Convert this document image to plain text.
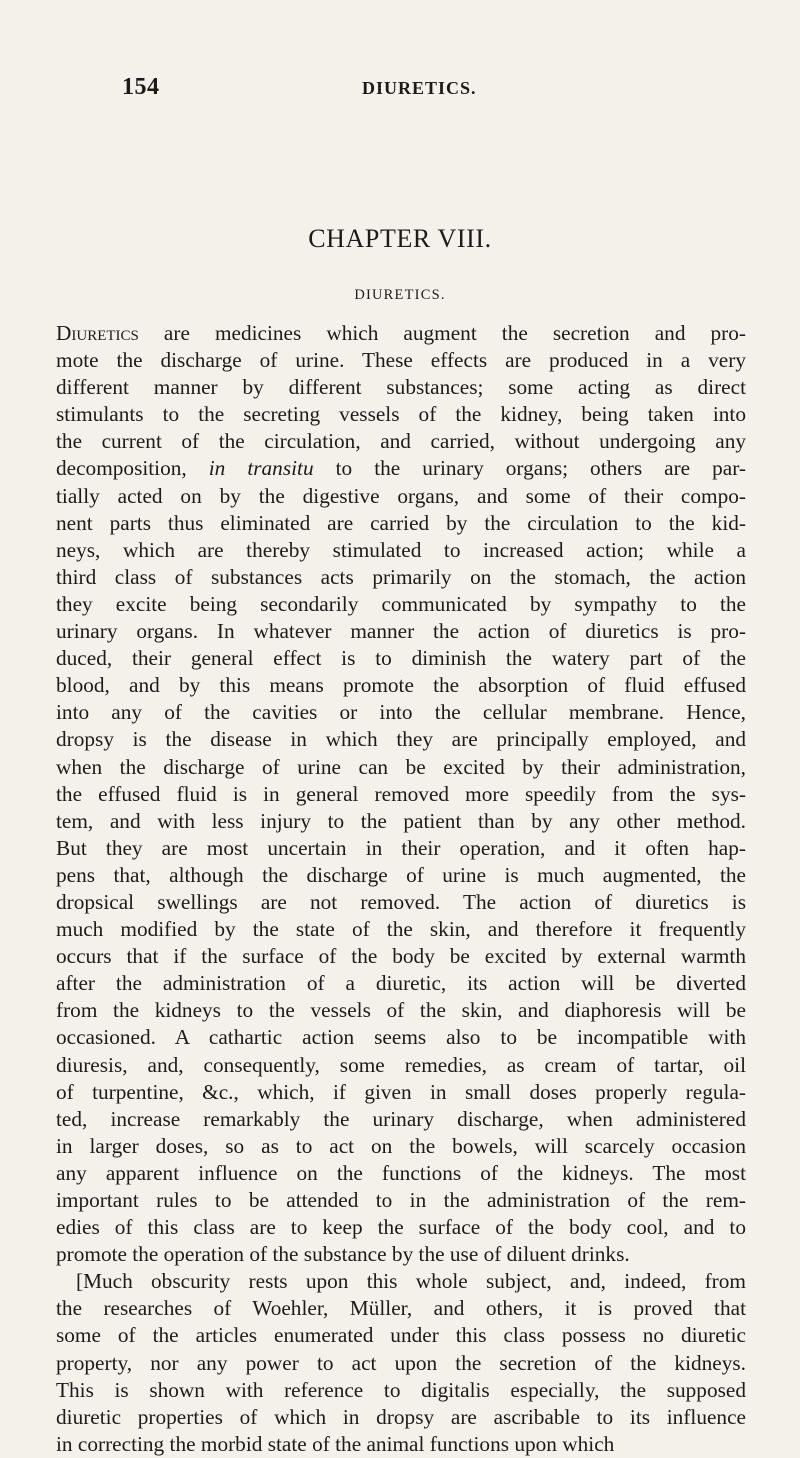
154	DIURETICS.
CHAPTER VIII.
DIURETICS.
Diuretics are medicines which augment the secretion and pro-
mote the discharge of urine. These effects are produced in a very
different manner by different substances; some acting as direct
stimulants to the secreting vessels of the kidney, being taken into
the current of the circulation, and carried, without undergoing any
decomposition, in transitu to the urinary organs; others are par-
tially acted on by the digestive organs, and some of their compo-
nent parts thus eliminated are carried by the circulation to the kid-
neys, which are thereby stimulated to increased action; while a
third class of substances acts primarily on the stomach, the action
they excite being secondarily communicated by sympathy to the
urinary organs. In whatever manner the action of diuretics is pro-
duced, their general effect is to diminish the watery part of the
blood, and by this means promote the absorption of fluid effused
into any of the cavities or into the cellular membrane. Hence,
dropsy is the disease in which they are principally employed, and
when the discharge of urine can be excited by their administration,
the effused fluid is in general removed more speedily from the sys-
tem, and with less injury to the patient than by any other method.
But they are most uncertain in their operation, and it often hap-
pens that, although the discharge of urine is much augmented, the
dropsical swellings are not removed. The action of diuretics is
much modified by the state of the skin, and therefore it frequently
occurs that if the surface of the body be excited by external warmth
after the administration of a diuretic, its action will be diverted
from the kidneys to the vessels of the skin, and diaphoresis will be
occasioned. A cathartic action seems also to be incompatible with
diuresis, and, consequently, some remedies, as cream of tartar, oil
of turpentine, &c., which, if given in small doses properly regula-
ted, increase remarkably the urinary discharge, when administered
in larger doses, so as to act on the bowels, will scarcely occasion
any apparent influence on the functions of the kidneys. The most
important rules to be attended to in the administration of the rem-
edies of this class are to keep the surface of the body cool, and to
promote the operation of the substance by the use of diluent drinks.
[Much obscurity rests upon this whole subject, and, indeed, from
the researches of Woehler, Müller, and others, it is proved that
some of the articles enumerated under this class possess no diuretic
property, nor any power to act upon the secretion of the kidneys.
This is shown with reference to digitalis especially, the supposed
diuretic properties of which in dropsy are ascribable to its influence
in correcting the morbid state of the animal functions upon which
